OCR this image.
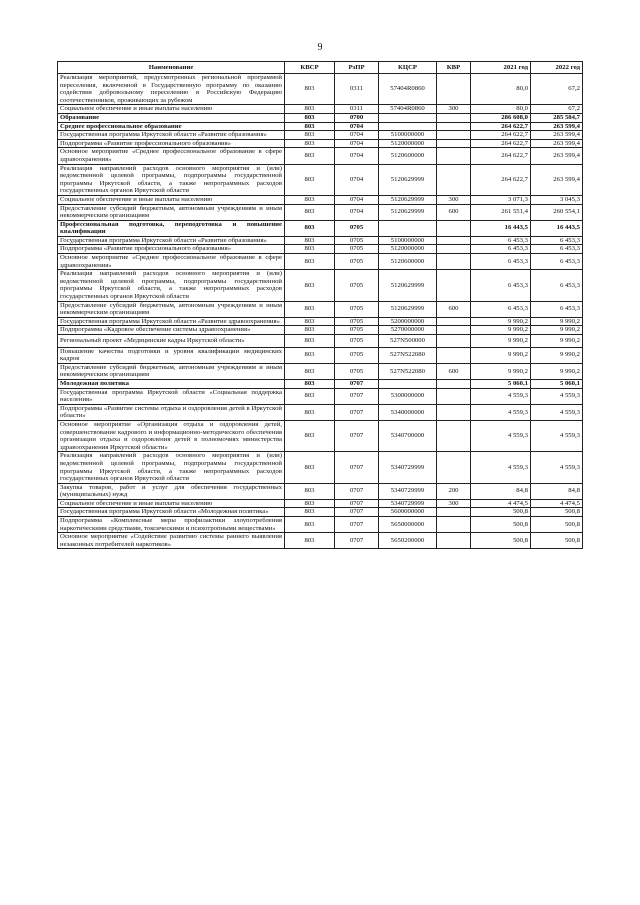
9
Наименование	КВСР	РзПР	КЦСР	КВР	2021 год	2022 год
Реализация мероприятий, предусмотренных региональной программой переселения, включенной в Государственную программу по оказанию содействия добровольному переселению в Российскую Федерацию соотечественников, проживающих за рубежом	803	0311	57404R0860		80,0	67,2
Социальное обеспечение и иные выплаты населению	803	0311	57404R0860	300	80,0	67,2
Образование	803	0700			286 608,0	285 584,7
Среднее профессиональное образование	803	0704			264 622,7	263 599,4
Государственная программа Иркутской области «Развитие образования»	803	0704	5100000000		264 622,7	263 599,4
Подпрограмма «Развитие профессионального образования»	803	0704	5120000000		264 622,7	263 599,4
Основное мероприятие «Среднее профессиональное образование в сфере здравоохранения»	803	0704	5120600000		264 622,7	263 599,4
Реализация направлений расходов основного мероприятия и (или) ведомственной целевой программы, подпрограммы государственной программы Иркутской области, а также непрограммных расходов государственных органов Иркутской области	803	0704	5120629999		264 622,7	263 599,4
Социальное обеспечение и иные выплаты населению	803	0704	5120629999	300	3 071,3	3 045,3
Предоставление субсидий бюджетным, автономным учреждениям и иным некоммерческим организациям	803	0704	5120629999	600	261 551,4	260 554,1
Профессиональная подготовка, переподготовка и повышение квалификации	803	0705			16 443,5	16 443,5
Государственная программа Иркутской области «Развитие образования»	803	0705	5100000000		6 453,3	6 453,3
Подпрограмма «Развитие профессионального образования»	803	0705	5120000000		6 453,3	6 453,3
Основное мероприятие «Среднее профессиональное образование в сфере здравоохранения»	803	0705	5120600000		6 453,3	6 453,3
Реализация направлений расходов основного мероприятия и (или) ведомственной целевой программы, подпрограммы государственной программы Иркутской области, а также непрограммных расходов государственных органов Иркутской области	803	0705	5120629999		6 453,3	6 453,3
Предоставление субсидий бюджетным, автономным учреждениям и иным некоммерческим организациям	803	0705	5120629999	600	6 453,3	6 453,3
Государственная программа Иркутской области «Развитие здравоохранения»	803	0705	5200000000		9 990,2	9 990,2
Подпрограмма «Кадровое обеспечение системы здравоохранения»	803	0705	5270000000		9 990,2	9 990,2
Региональный проект «Медицинские кадры Иркутской области»	803	0705	527N500000		9 990,2	9 990,2
Повышение качества подготовки и уровня квалификации медицинских кадров	803	0705	527N522080		9 990,2	9 990,2
Предоставление субсидий бюджетным, автономным учреждениям и иным некоммерческим организациям	803	0705	527N522080	600	9 990,2	9 990,2
Молодежная политика	803	0707			5 060,1	5 060,1
Государственная программа Иркутской области «Социальная поддержка населения»	803	0707	5300000000		4 559,3	4 559,3
Подпрограмма «Развитие системы отдыха и оздоровления детей в Иркутской области»	803	0707	5340000000		4 559,3	4 559,3
Основное мероприятие «Организация отдыха и оздоровления детей, совершенствование кадрового и информационно-методического обеспечения организации отдыха и оздоровления детей в полномочиях министерства здравоохранения Иркутской области»	803	0707	5340700000		4 559,3	4 559,3
Реализация направлений расходов основного мероприятия и (или) ведомственной целевой программы, подпрограммы государственной программы Иркутской области, а также непрограммных расходов государственных органов Иркутской области	803	0707	5340729999		4 559,3	4 559,3
Закупка товаров, работ и услуг для обеспечения государственных (муниципальных) нужд	803	0707	5340729999	200	84,8	84,8
Социальное обеспечение и иные выплаты населению	803	0707	5340729999	300	4 474,5	4 474,5
Государственная программа Иркутской области «Молодежная политика»	803	0707	5600000000		500,8	500,8
Подпрограмма «Комплексные меры профилактики злоупотребления наркотическими средствами, токсическими и психотропными веществами»	803	0707	5650000000		500,8	500,8
Основное мероприятие «Содействие развитию системы раннего выявления незаконных потребителей наркотиков»	803	0707	5650200000		500,8	500,8
